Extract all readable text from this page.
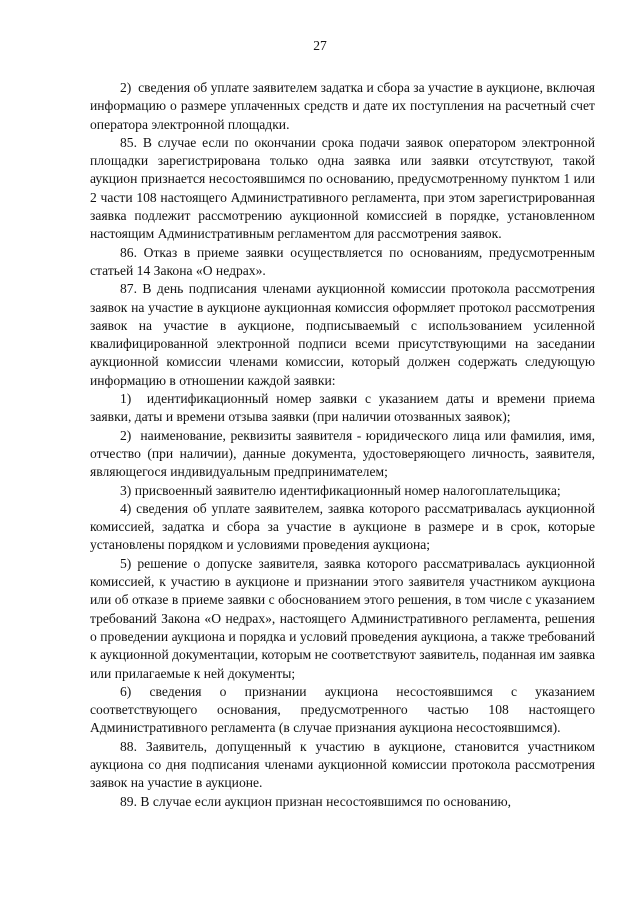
27

2)  сведения об уплате заявителем задатка и сбора за участие в аукционе, включая информацию о размере уплаченных средств и дате их поступления на расчетный счет оператора электронной площадки.

85. В случае если по окончании срока подачи заявок оператором электронной площадки зарегистрирована только одна заявка или заявки отсутствуют, такой аукцион признается несостоявшимся по основанию, предусмотренному пунктом 1 или 2 части 108 настоящего Административного регламента, при этом зарегистрированная заявка подлежит рассмотрению аукционной комиссией в порядке, установленном настоящим Административным регламентом для рассмотрения заявок.

86. Отказ в приеме заявки осуществляется по основаниям, предусмотренным статьей 14 Закона «О недрах».

87. В день подписания членами аукционной комиссии протокола рассмотрения заявок на участие в аукционе аукционная комиссия оформляет протокол рассмотрения заявок на участие в аукционе, подписываемый с использованием усиленной квалифицированной электронной подписи всеми присутствующими на заседании аукционной комиссии членами комиссии, который должен содержать следующую информацию в отношении каждой заявки:

1)  идентификационный номер заявки с указанием даты и времени приема заявки, даты и времени отзыва заявки (при наличии отозванных заявок);

2)  наименование, реквизиты заявителя - юридического лица или фамилия, имя, отчество (при наличии), данные документа, удостоверяющего личность, заявителя, являющегося индивидуальным предпринимателем;

3) присвоенный заявителю идентификационный номер налогоплательщика;

4) сведения об уплате заявителем, заявка которого рассматривалась аукционной комиссией, задатка и сбора за участие в аукционе в размере и в срок, которые установлены порядком и условиями проведения аукциона;

5) решение о допуске заявителя, заявка которого рассматривалась аукционной комиссией, к участию в аукционе и признании этого заявителя участником аукциона или об отказе в приеме заявки с обоснованием этого решения, в том числе с указанием требований Закона «О недрах», настоящего Административного регламента, решения о проведении аукциона и порядка и условий проведения аукциона, а также требований к аукционной документации, которым не соответствуют заявитель, поданная им заявка или прилагаемые к ней документы;

6) сведения о признании аукциона несостоявшимся с указанием соответствующего основания, предусмотренного частью 108 настоящего Административного регламента (в случае признания аукциона несостоявшимся).

88. Заявитель, допущенный к участию в аукционе, становится участником аукциона со дня подписания членами аукционной комиссии протокола рассмотрения заявок на участие в аукционе.

89. В случае если аукцион признан несостоявшимся по основанию,
